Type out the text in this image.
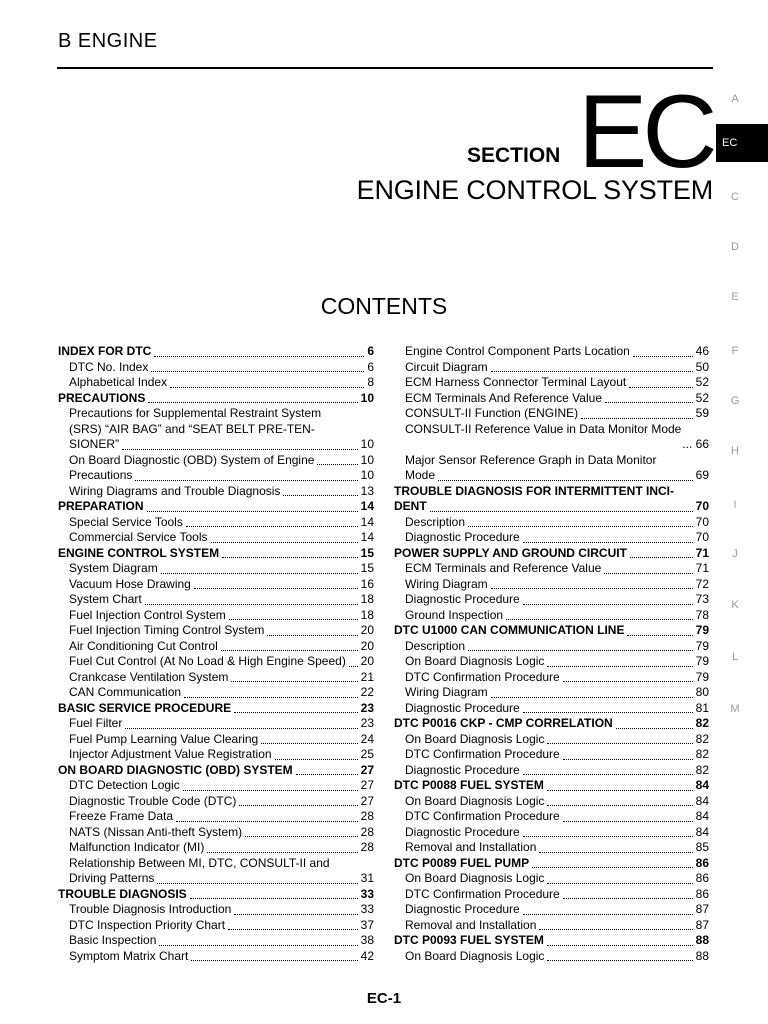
B ENGINE
A
EC
C
D
E
F
G
H
I
J
K
L
M
SECTION EC
ENGINE CONTROL SYSTEM
CONTENTS
INDEX FOR DTC	6
DTC No. Index	6
Alphabetical Index	8
PRECAUTIONS	10
Precautions for Supplemental Restraint System
(SRS) “AIR BAG” and “SEAT BELT PRE-TEN-
SIONER”	10
On Board Diagnostic (OBD) System of Engine	10
Precautions	10
Wiring Diagrams and Trouble Diagnosis	13
PREPARATION	14
Special Service Tools	14
Commercial Service Tools	14
ENGINE CONTROL SYSTEM	15
System Diagram	15
Vacuum Hose Drawing	16
System Chart	18
Fuel Injection Control System	18
Fuel Injection Timing Control System	20
Air Conditioning Cut Control	20
Fuel Cut Control (At No Load & High Engine Speed) 20
Crankcase Ventilation System	21
CAN Communication	22
BASIC SERVICE PROCEDURE	23
Fuel Filter	23
Fuel Pump Learning Value Clearing	24
Injector Adjustment Value Registration	25
ON BOARD DIAGNOSTIC (OBD) SYSTEM	27
DTC Detection Logic	27
Diagnostic Trouble Code (DTC)	27
Freeze Frame Data	28
NATS (Nissan Anti-theft System)	28
Malfunction Indicator (MI)	28
Relationship Between MI, DTC, CONSULT-II and
Driving Patterns	31
TROUBLE DIAGNOSIS	33
Trouble Diagnosis Introduction	33
DTC Inspection Priority Chart	37
Basic Inspection	38
Symptom Matrix Chart	42
Engine Control Component Parts Location	46
Circuit Diagram	50
ECM Harness Connector Terminal Layout	52
ECM Terminals And Reference Value	52
CONSULT-II Function (ENGINE)	59
CONSULT-II Reference Value in Data Monitor Mode
... 66
Major Sensor Reference Graph in Data Monitor
Mode	69
TROUBLE DIAGNOSIS FOR INTERMITTENT INCI-
DENT	70
Description	70
Diagnostic Procedure	70
POWER SUPPLY AND GROUND CIRCUIT	71
ECM Terminals and Reference Value	71
Wiring Diagram	72
Diagnostic Procedure	73
Ground Inspection	78
DTC U1000 CAN COMMUNICATION LINE	79
Description	79
On Board Diagnosis Logic	79
DTC Confirmation Procedure	79
Wiring Diagram	80
Diagnostic Procedure	81
DTC P0016 CKP - CMP CORRELATION	82
On Board Diagnosis Logic	82
DTC Confirmation Procedure	82
Diagnostic Procedure	82
DTC P0088 FUEL SYSTEM	84
On Board Diagnosis Logic	84
DTC Confirmation Procedure	84
Diagnostic Procedure	84
Removal and Installation	85
DTC P0089 FUEL PUMP	86
On Board Diagnosis Logic	86
DTC Confirmation Procedure	86
Diagnostic Procedure	87
Removal and Installation	87
DTC P0093 FUEL SYSTEM	88
On Board Diagnosis Logic	88
EC-1
